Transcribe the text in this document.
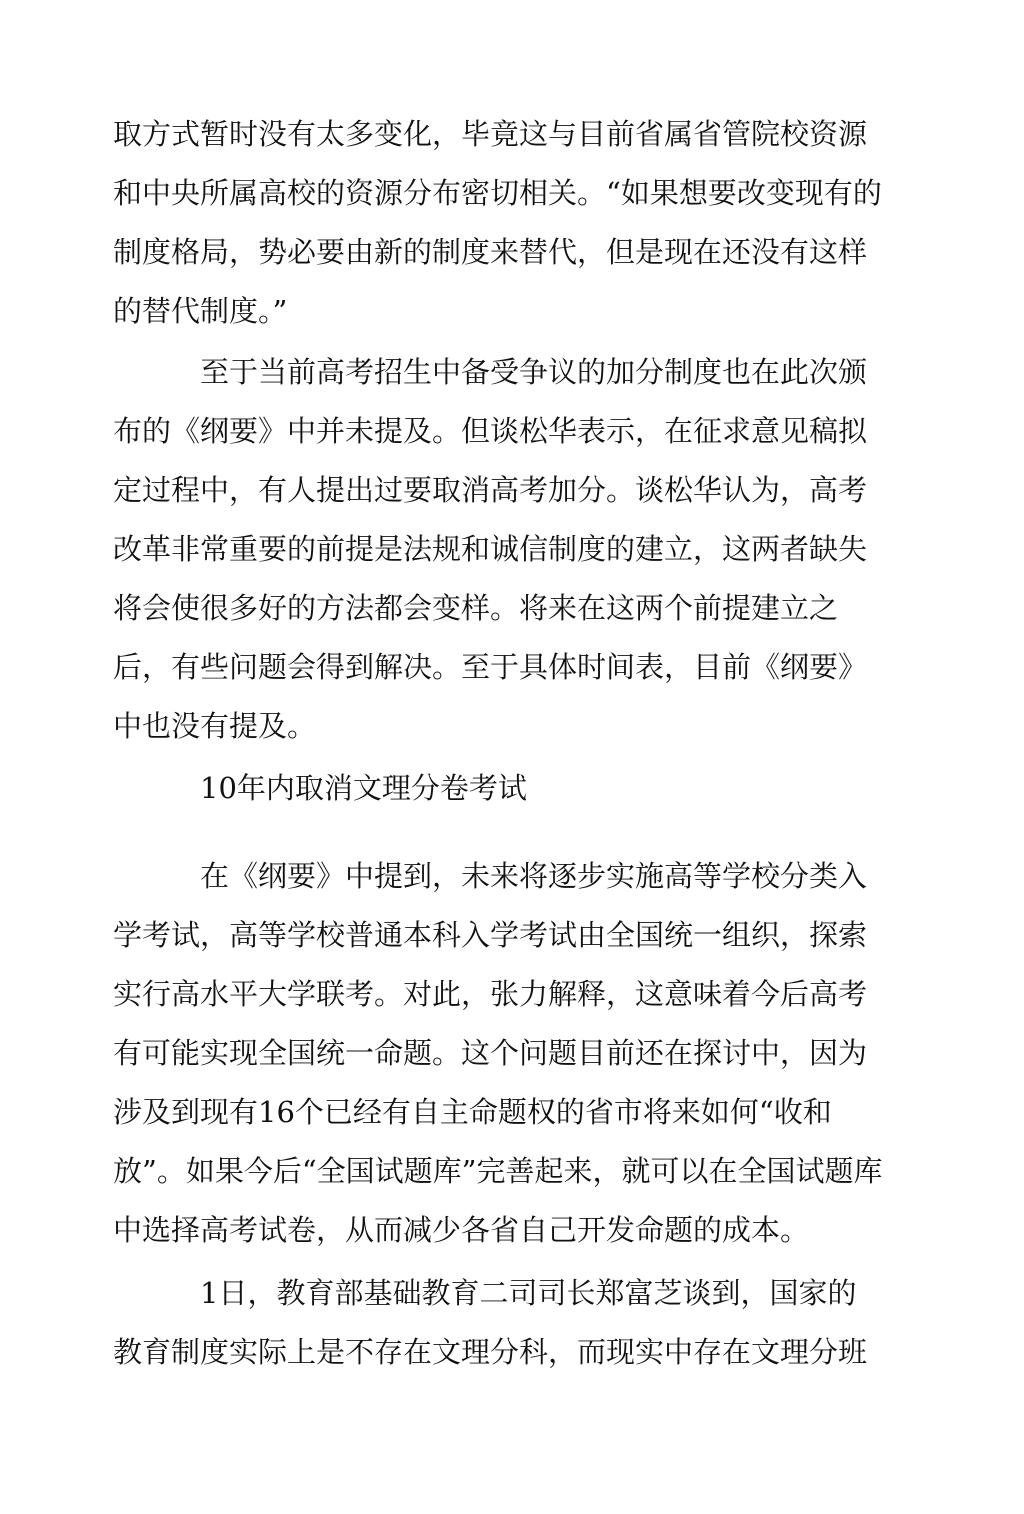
取方式暂时没有太多变化，毕竟这与目前省属省管院校资源
和中央所属高校的资源分布密切相关。“如果想要改变现有的
制度格局，势必要由新的制度来替代，但是现在还没有这样
的替代制度。”
至于当前高考招生中备受争议的加分制度也在此次颁
布的《纲要》中并未提及。但谈松华表示，在征求意见稿拟
定过程中，有人提出过要取消高考加分。谈松华认为，高考
改革非常重要的前提是法规和诚信制度的建立，这两者缺失
将会使很多好的方法都会变样。将来在这两个前提建立之
后，有些问题会得到解决。至于具体时间表，目前《纲要》
中也没有提及。
10年内取消文理分卷考试
在《纲要》中提到，未来将逐步实施高等学校分类入
学考试，高等学校普通本科入学考试由全国统一组织，探索
实行高水平大学联考。对此，张力解释，这意味着今后高考
有可能实现全国统一命题。这个问题目前还在探讨中，因为
涉及到现有16个已经有自主命题权的省市将来如何“收和
放”。如果今后“全国试题库”完善起来，就可以在全国试题库
中选择高考试卷，从而减少各省自己开发命题的成本。
1日，教育部基础教育二司司长郑富芝谈到，国家的
教育制度实际上是不存在文理分科，而现实中存在文理分班
